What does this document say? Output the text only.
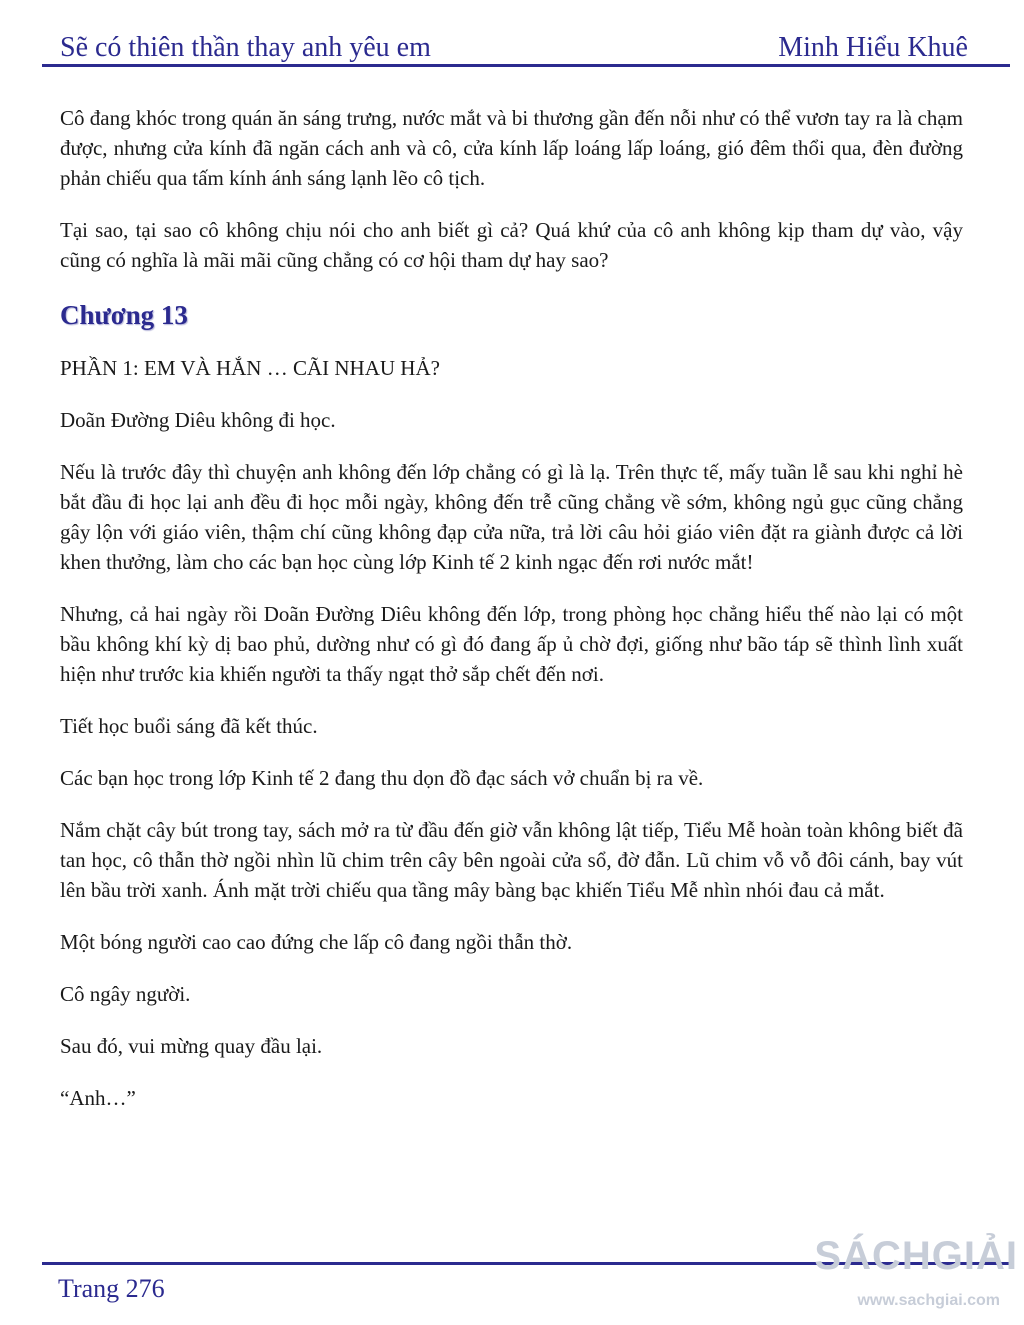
Sẽ có thiên thần thay anh yêu em	Minh Hiểu Khuê

Cô đang khóc trong quán ăn sáng trưng, nước mắt và bi thương gần đến nỗi như có thể vươn tay ra là chạm được, nhưng cửa kính đã ngăn cách anh và cô, cửa kính lấp loáng lấp loáng, gió đêm thổi qua, đèn đường phản chiếu qua tấm kính ánh sáng lạnh lẽo cô tịch.

Tại sao, tại sao cô không chịu nói cho anh biết gì cả? Quá khứ của cô anh không kịp tham dự vào, vậy cũng có nghĩa là mãi mãi cũng chẳng có cơ hội tham dự hay sao?

Chương 13

PHẦN 1: EM VÀ HẮN … CÃI NHAU HẢ?

Doãn Đường Diêu không đi học.

Nếu là trước đây thì chuyện anh không đến lớp chẳng có gì là lạ. Trên thực tế, mấy tuần lễ sau khi nghỉ hè bắt đầu đi học lại anh đều đi học mỗi ngày, không đến trễ cũng chẳng về sớm, không ngủ gục cũng chẳng gây lộn với giáo viên, thậm chí cũng không đạp cửa nữa, trả lời câu hỏi giáo viên đặt ra giành được cả lời khen thưởng, làm cho các bạn học cùng lớp Kinh tế 2 kinh ngạc đến rơi nước mắt!

Nhưng, cả hai ngày rồi Doãn Đường Diêu không đến lớp, trong phòng học chẳng hiểu thế nào lại có một bầu không khí kỳ dị bao phủ, dường như có gì đó đang ấp ủ chờ đợi, giống như bão táp sẽ thình lình xuất hiện như trước kia khiến người ta thấy ngạt thở sắp chết đến nơi.

Tiết học buổi sáng đã kết thúc.

Các bạn học trong lớp Kinh tế 2 đang thu dọn đồ đạc sách vở chuẩn bị ra về.

Nắm chặt cây bút trong tay, sách mở ra từ đầu đến giờ vẫn không lật tiếp, Tiểu Mễ hoàn toàn không biết đã tan học, cô thẫn thờ ngồi nhìn lũ chim trên cây bên ngoài cửa sổ, đờ đẫn. Lũ chim vỗ vỗ đôi cánh, bay vút lên bầu trời xanh. Ánh mặt trời chiếu qua tầng mây bàng bạc khiến Tiểu Mễ nhìn nhói đau cả mắt.

Một bóng người cao cao đứng che lấp cô đang ngồi thẫn thờ.

Cô ngây người.

Sau đó, vui mừng quay đầu lại.

“Anh…”

Trang 276
SÁCHGIẢI
www.sachgiai.com
